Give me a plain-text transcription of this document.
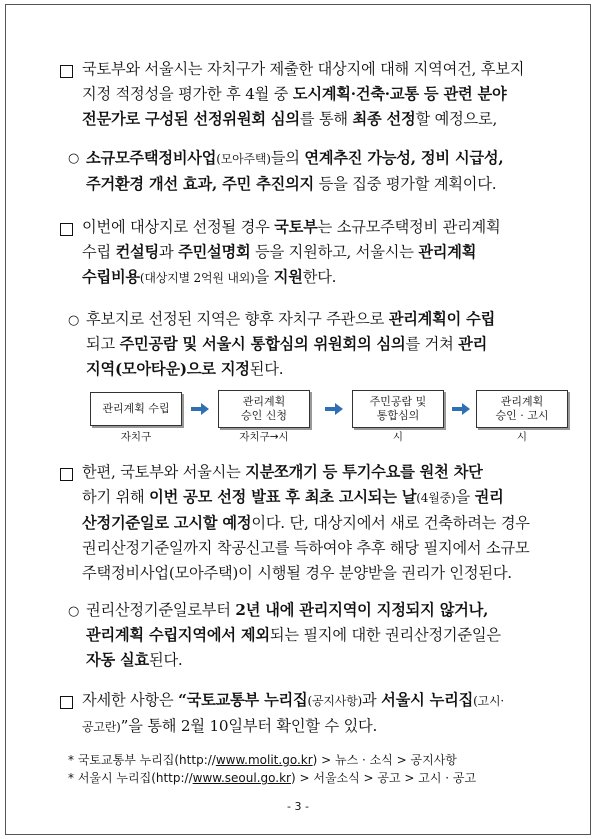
국토부와 서울시는 자치구가 제출한 대상지에 대해 지역여건, 후보지
지정 적정성을 평가한 후 4월 중 도시계획·건축·교통 등 관련 분야
전문가로 구성된 선정위원회 심의를 통해 최종 선정할 예정으로,
○ 소규모주택정비사업(모아주택)들의 연계추진 가능성, 정비 시급성,
주거환경 개선 효과, 주민 추진의지 등을 집중 평가할 계획이다.
이번에 대상지로 선정될 경우 국토부는 소규모주택정비 관리계획
수립 컨설팅과 주민설명회 등을 지원하고, 서울시는 관리계획
수립비용(대상지별 2억원 내외)을 지원한다.
○ 후보지로 선정된 지역은 향후 자치구 주관으로 관리계획이 수립
되고 주민공람 및 서울시 통합심의 위원회의 심의를 거쳐 관리
지역(모아타운)으로 지정된다.
관리계획 수립
자치구
관리계획
승인 신청
자치구→시
주민공람 및
통합심의
시
관리계획
승인 · 고시
시
한편, 국토부와 서울시는 지분쪼개기 등 투기수요를 원천 차단
하기 위해 이번 공모 선정 발표 후 최초 고시되는 날(4월중)을 권리
산정기준일로 고시할 예정이다. 단, 대상지에서 새로 건축하려는 경우
권리산정기준일까지 착공신고를 득하여야 추후 해당 필지에서 소규모
주택정비사업(모아주택)이 시행될 경우 분양받을 권리가 인정된다.
○ 권리산정기준일로부터 2년 내에 관리지역이 지정되지 않거나,
관리계획 수립지역에서 제외되는 필지에 대한 권리산정기준일은
자동 실효된다.
자세한 사항은 “국토교통부 누리집(공지사항)과 서울시 누리집(고시·
공고란)”을 통해 2월 10일부터 확인할 수 있다.
* 국토교통부 누리집(http://www.molit.go.kr) > 뉴스 · 소식 > 공지사항
* 서울시 누리집(http://www.seoul.go.kr) > 서울소식 > 공고 > 고시 · 공고
- 3 -
